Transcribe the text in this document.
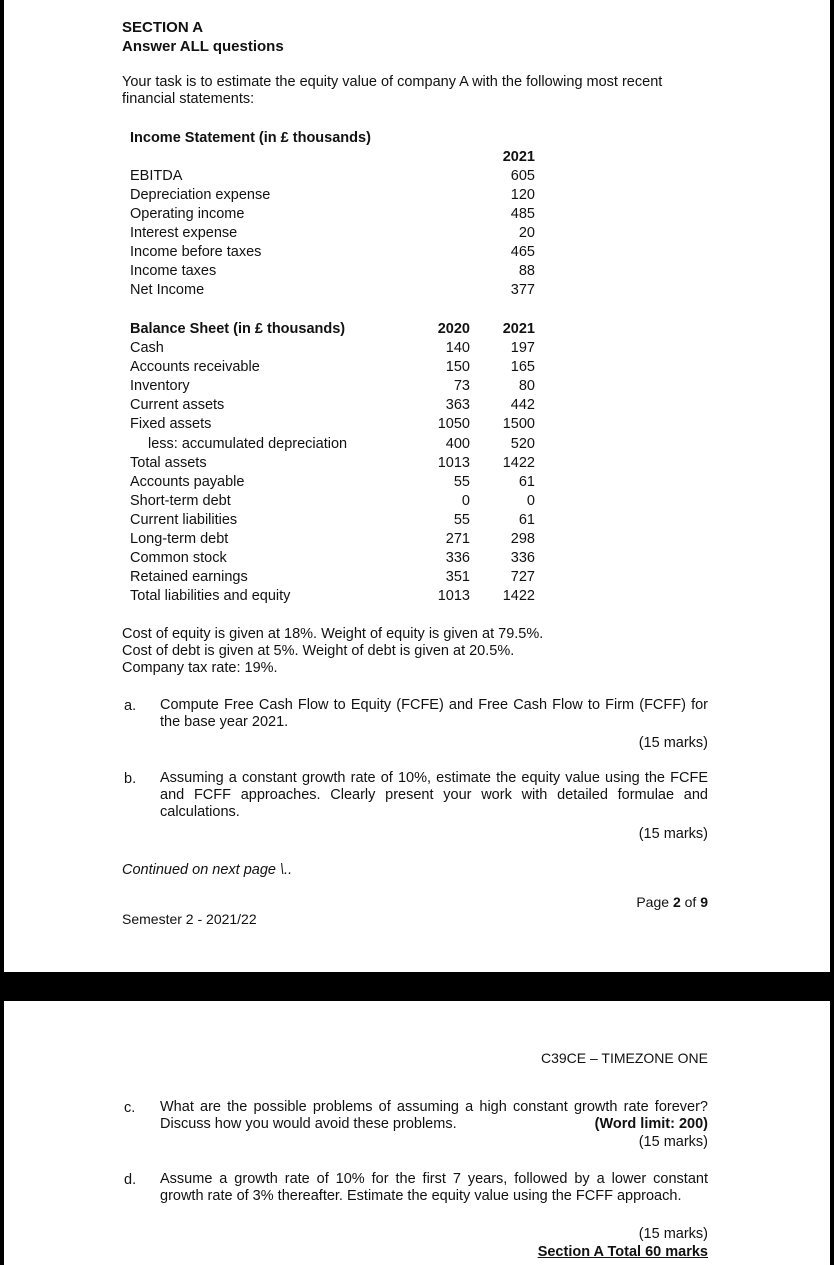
SECTION A
Answer ALL questions
Your task is to estimate the equity value of company A with the following most recent financial statements:
Income Statement (in £ thousands)
2021
EBITDA	605
Depreciation expense	120
Operating income	485
Interest expense	20
Income before taxes	465
Income taxes	88
Net Income	377
Balance Sheet (in £ thousands)	2020	2021
Cash	140	197
Accounts receivable	150	165
Inventory	73	80
Current assets	363	442
Fixed assets	1050	1500
less: accumulated depreciation	400	520
Total assets	1013	1422
Accounts payable	55	61
Short-term debt	0	0
Current liabilities	55	61
Long-term debt	271	298
Common stock	336	336
Retained earnings	351	727
Total liabilities and equity	1013	1422
Cost of equity is given at 18%. Weight of equity is given at 79.5%.
Cost of debt is given at 5%. Weight of debt is given at 20.5%.
Company tax rate: 19%.
a. Compute Free Cash Flow to Equity (FCFE) and Free Cash Flow to Firm (FCFF) for the base year 2021.
(15 marks)
b. Assuming a constant growth rate of 10%, estimate the equity value using the FCFE and FCFF approaches. Clearly present your work with detailed formulae and calculations.
(15 marks)
Continued on next page \..
Page 2 of 9
Semester 2 - 2021/22
C39CE – TIMEZONE ONE
c. What are the possible problems of assuming a high constant growth rate forever? Discuss how you would avoid these problems.	(Word limit: 200)
(15 marks)
d. Assume a growth rate of 10% for the first 7 years, followed by a lower constant growth rate of 3% thereafter. Estimate the equity value using the FCFF approach.
(15 marks)
Section A Total 60 marks
